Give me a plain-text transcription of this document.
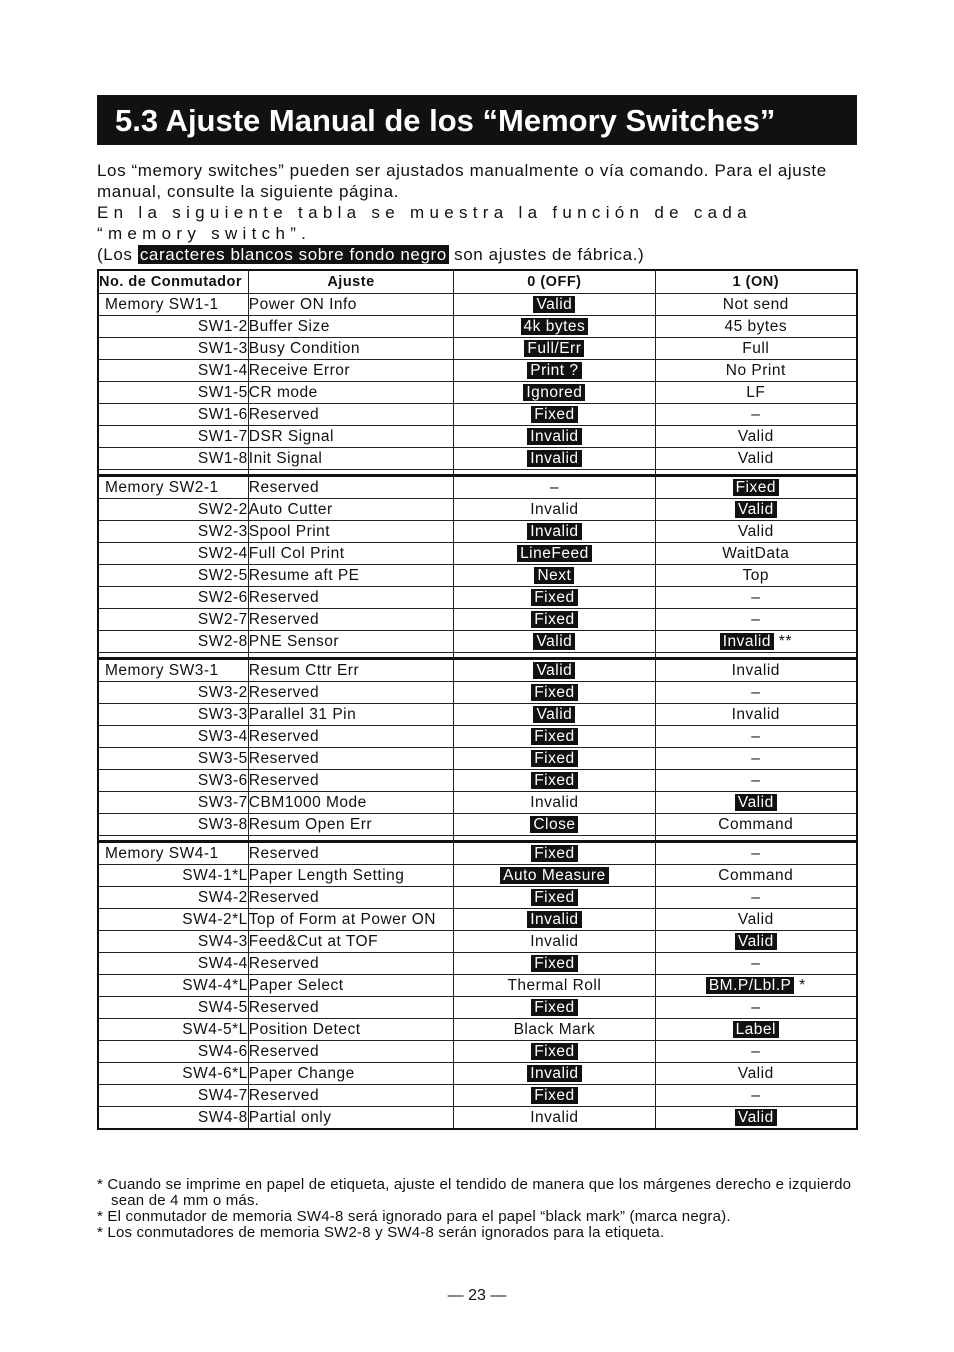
5.3 Ajuste Manual de los “Memory Switches”

Los “memory switches” pueden ser ajustados manualmente o vía comando. Para el ajuste manual, consulte la siguiente página.

En la siguiente tabla se muestra la función de cada “memory switch”.

(Los caracteres blancos sobre fondo negro son ajustes de fábrica.)

No. de Conmutador	Ajuste	0 (OFF)	1 (ON)
Memory SW1-1	Power ON Info	Valid	Not send
SW1-2	Buffer Size	4k bytes	45 bytes
SW1-3	Busy Condition	Full/Err	Full
SW1-4	Receive Error	Print ?	No Print
SW1-5	CR mode	Ignored	LF
SW1-6	Reserved	Fixed	–
SW1-7	DSR Signal	Invalid	Valid
SW1-8	Init Signal	Invalid	Valid

Memory SW2-1	Reserved	–	Fixed
SW2-2	Auto Cutter	Invalid	Valid
SW2-3	Spool Print	Invalid	Valid
SW2-4	Full Col Print	LineFeed	WaitData
SW2-5	Resume aft PE	Next	Top
SW2-6	Reserved	Fixed	–
SW2-7	Reserved	Fixed	–
SW2-8	PNE Sensor	Valid	Invalid **

Memory SW3-1	Resum Cttr Err	Valid	Invalid
SW3-2	Reserved	Fixed	–
SW3-3	Parallel 31 Pin	Valid	Invalid
SW3-4	Reserved	Fixed	–
SW3-5	Reserved	Fixed	–
SW3-6	Reserved	Fixed	–
SW3-7	CBM1000 Mode	Invalid	Valid
SW3-8	Resum Open Err	Close	Command

Memory SW4-1	Reserved	Fixed	–
SW4-1*L	Paper Length Setting	Auto Measure	Command
SW4-2	Reserved	Fixed	–
SW4-2*L	Top of Form at Power ON	Invalid	Valid
SW4-3	Feed&Cut at TOF	Invalid	Valid
SW4-4	Reserved	Fixed	–
SW4-4*L	Paper Select	Thermal Roll	BM.P/Lbl.P *
SW4-5	Reserved	Fixed	–
SW4-5*L	Position Detect	Black Mark	Label
SW4-6	Reserved	Fixed	–
SW4-6*L	Paper Change	Invalid	Valid
SW4-7	Reserved	Fixed	–
SW4-8	Partial only	Invalid	Valid

* Cuando se imprime en papel de etiqueta, ajuste el tendido de manera que los márgenes derecho e izquierdo sean de 4 mm o más.

* El conmutador de memoria SW4-8 será ignorado para el papel “black mark” (marca negra).

* Los conmutadores de memoria SW2-8 y SW4-8 serán ignorados para la etiqueta.

— 23 —
